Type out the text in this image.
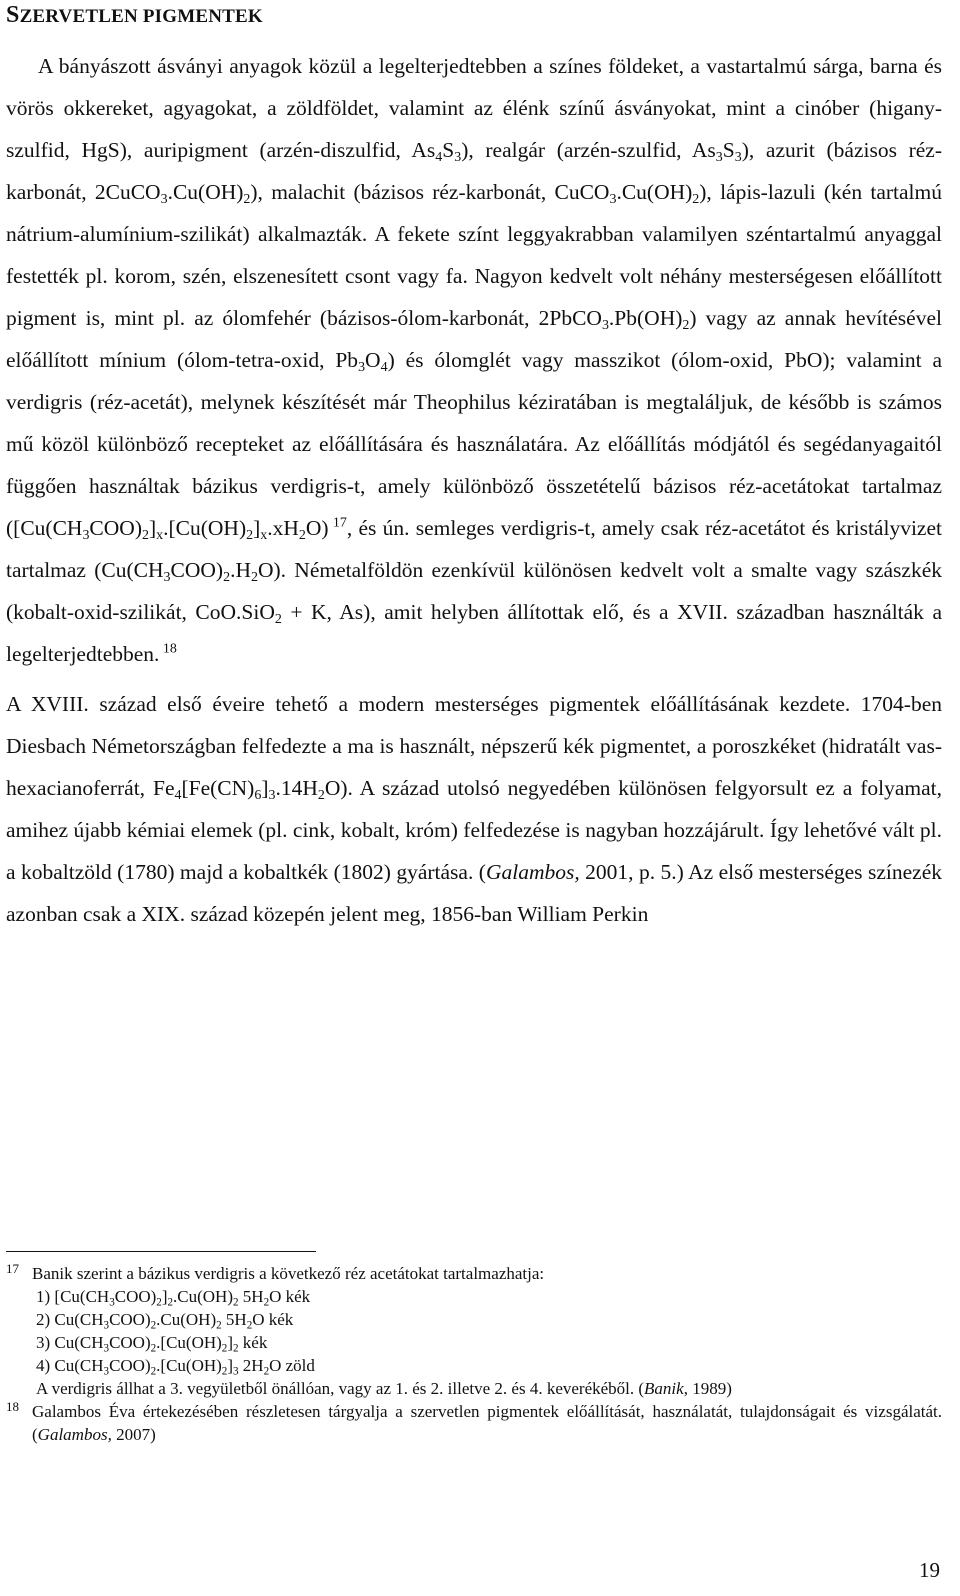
SZERVETLEN PIGMENTEK

A bányászott ásványi anyagok közül a legelterjedtebben a színes földeket, a vastartalmú sárga, barna és vörös okkereket, agyagokat, a zöldföldet, valamint az élénk színű ásványokat, mint a cinóber (higany-szulfid, HgS), auripigment (arzén-diszulfid, $As_4S_3$), realgár (arzén-szulfid, $As_3S_3$), azurit (bázisos réz-karbonát, $2CuCO_3.Cu(OH)_2$), malachit (bázisos réz-karbonát, $CuCO_3.Cu(OH)_2$), lápis-lazuli (kén tartalmú nátrium-alumínium-szilikát) alkalmazták. A fekete színt leggyakrabban valamilyen széntartalmú anyaggal festették pl. korom, szén, elszenesített csont vagy fa. Nagyon kedvelt volt néhány mesterségesen előállított pigment is, mint pl. az ólomfehér (bázisos-ólom-karbonát, $2PbCO_3.Pb(OH)_2$) vagy az annak hevítésével előállított mínium (ólom-tetra-oxid, $Pb_3O_4$) és ólomglét vagy masszikot (ólom-oxid, PbO); valamint a verdigris (réz-acetát), melynek készítését már Theophilus kéziratában is megtaláljuk, de később is számos mű közöl különböző recepteket az előállítására és használatára. Az előállítás módjától és segédanyagaitól függően használtak bázikus verdigris-t, amely különböző összetételű bázisos réz-acetátokat tartalmaz $([Cu(CH_3COO)_2]_x.[Cu(OH)_2]_x.xH_2O)$ $^{17}$, és ún. semleges verdigris-t, amely csak réz-acetátot és kristályvizet tartalmaz $(Cu(CH_3COO)_2.H_2O)$. Németalföldön ezenkívül különösen kedvelt volt a smalte vagy szászkék (kobalt-oxid-szilikát, CoO.SiO$_2$ + K, As), amit helyben állítottak elő, és a XVII. században használták a legelterjedtebben. $^{18}$

A XVIII. század első éveire tehető a modern mesterséges pigmentek előállításának kezdete. 1704-ben Diesbach Németországban felfedezte a ma is használt, népszerű kék pigmentet, a poroszkéket (hidratált vas-hexacianoferrát, $Fe_4[Fe(CN)_6]_3.14H_2O$). A század utolsó negyedében különösen felgyorsult ez a folyamat, amihez újabb kémiai elemek (pl. cink, kobalt, króm) felfedezése is nagyban hozzájárult. Így lehetővé vált pl. a kobaltzöld (1780) majd a kobaltkék (1802) gyártása. (Galambos, 2001, p. 5.) Az első mesterséges színezék azonban csak a XIX. század közepén jelent meg, 1856-ban William Perkin

17 Banik szerint a bázikus verdigris a következő réz acetátokat tartalmazhatja:
1) $[Cu(CH_3COO)_2]_2.Cu(OH)_2$ $5H_2O$ kék
2) $Cu(CH_3COO)_2.Cu(OH)_2$ $5H_2O$ kék
3) $Cu(CH_3COO)_2.[Cu(OH)_2]_2$ kék
4) $Cu(CH_3COO)_2.[Cu(OH)_2]_3$ $2H_2O$ zöld
A verdigris állhat a 3. vegyületből önállóan, vagy az 1. és 2. illetve 2. és 4. keverékéből. (Banik, 1989)
18 Galambos Éva értekezésében részletesen tárgyalja a szervetlen pigmentek előállítását, használatát, tulajdonságait és vizsgálatát. (Galambos, 2007)
19
